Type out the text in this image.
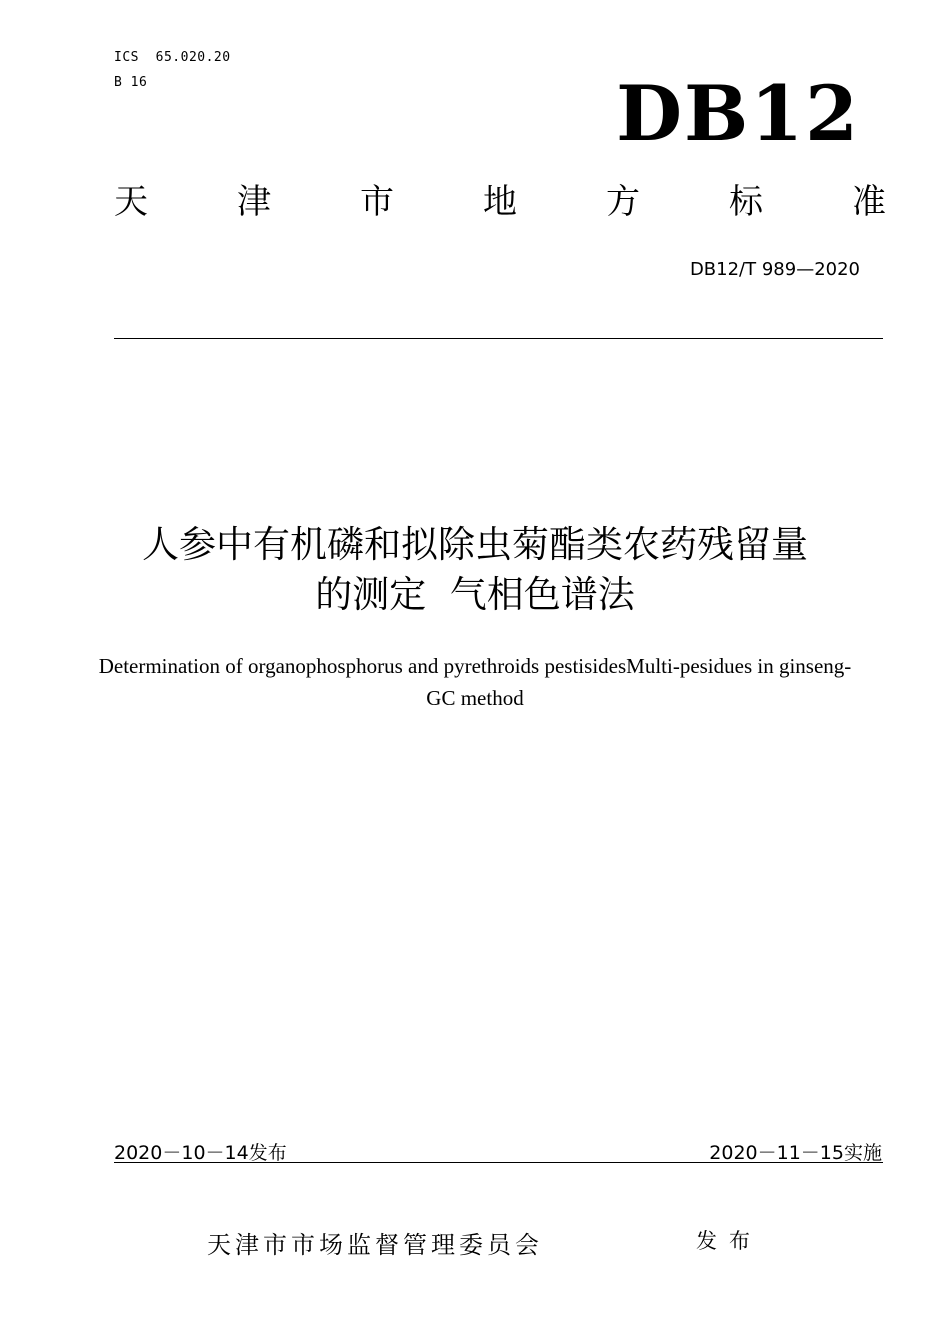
ICS  65.020.20
B 16	DB12
天	津	市	地	方	标	准
DB12/T 989—2020
人参中有机磷和拟除虫菊酯类农药残留量
的测定  气相色谱法
Determination of organophosphorus and pyrethroids pestisidesMulti-pesidues in ginseng-GC method
2020－10－14发布	2020－11－15实施
天津市市场监督管理委员会	发布
